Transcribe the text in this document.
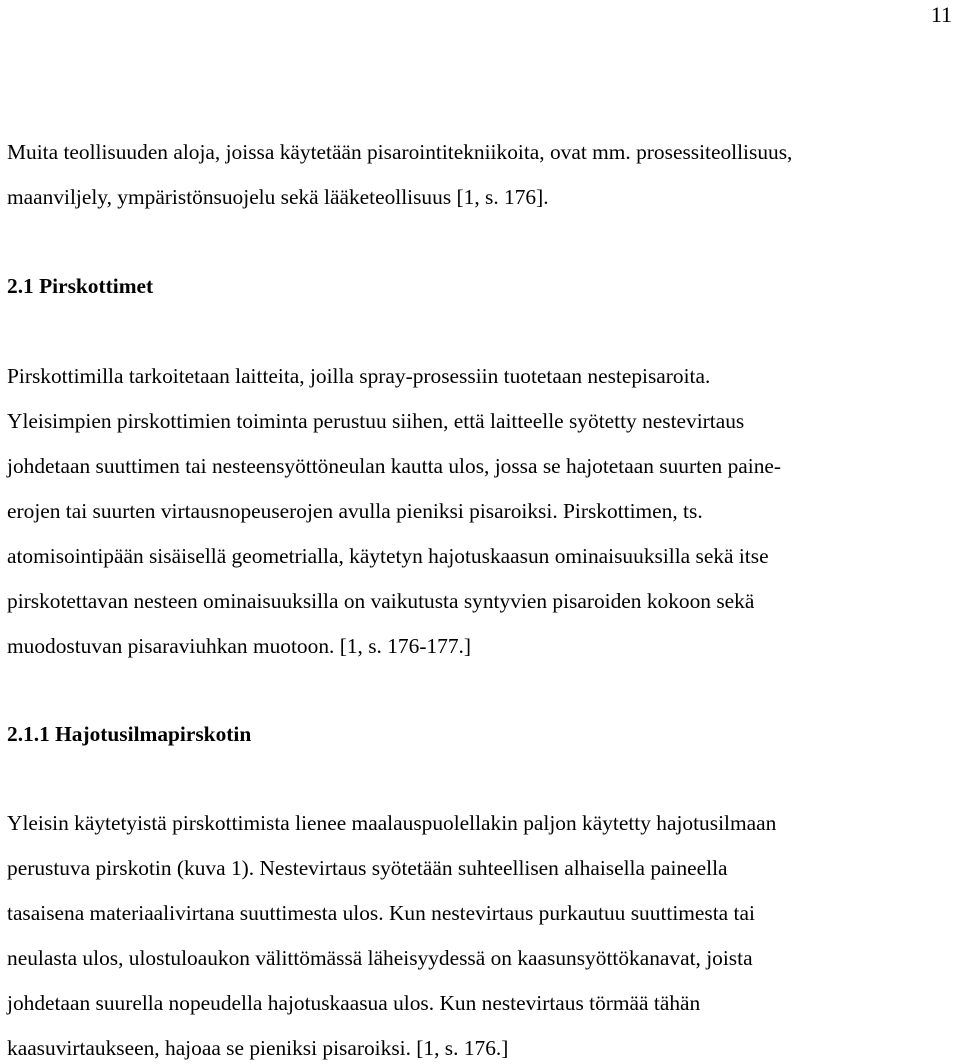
11
Muita teollisuuden aloja, joissa käytetään pisarointitekniikoita, ovat mm. prosessiteollisuus,
maanviljely, ympäristönsuojelu sekä lääketeollisuus [1, s. 176].
2.1 Pirskottimet
Pirskottimilla tarkoitetaan laitteita, joilla spray-prosessiin tuotetaan nestepisaroita.
Yleisimpien pirskottimien toiminta perustuu siihen, että laitteelle syötetty nestevirtaus
johdetaan suuttimen tai nesteensyöttöneulan kautta ulos, jossa se hajotetaan suurten paine-
erojen tai suurten virtausnopeuserojen avulla pieniksi pisaroiksi. Pirskottimen, ts.
atomisointipään sisäisellä geometrialla, käytetyn hajotuskaasun ominaisuuksilla sekä itse
pirskotettavan nesteen ominaisuuksilla on vaikutusta syntyvien pisaroiden kokoon sekä
muodostuvan pisaraviuhkan muotoon. [1, s. 176-177.]
2.1.1 Hajotusilmapirskotin
Yleisin käytetyistä pirskottimista lienee maalauspuolellakin paljon käytetty hajotusilmaan
perustuva pirskotin (kuva 1). Nestevirtaus syötetään suhteellisen alhaisella paineella
tasaisena materiaalivirtana suuttimesta ulos. Kun nestevirtaus purkautuu suuttimesta tai
neulasta ulos, ulostuloaukon välittömässä läheisyydessä on kaasunsyöttökanavat, joista
johdetaan suurella nopeudella hajotuskaasua ulos. Kun nestevirtaus törmää tähän
kaasuvirtaukseen, hajoaa se pieniksi pisaroiksi. [1, s. 176.]
